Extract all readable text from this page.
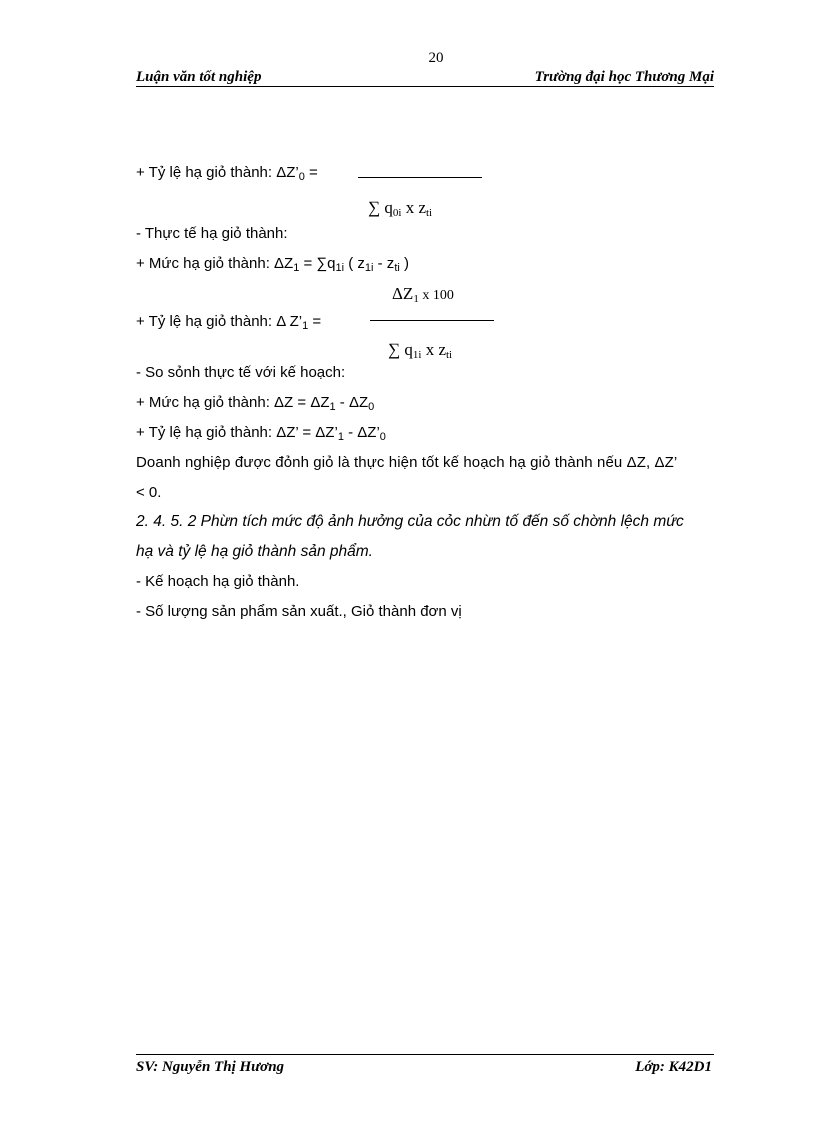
20
Luận văn tốt nghiệp	Trường đại học Thương Mại
+ Tỷ lệ hạ giỏ thành: $\Delta Z’_0$ =
∑ $q_{0i}$ x $z_{ti}$
- Thực tế hạ giỏ thành:
+ Mức hạ giỏ thành: $\Delta Z_1 = \sum q_{1i}$ ( $z_{1i} - z_{ti}$ )
$\Delta Z_1$ x 100
+ Tỷ lệ hạ giỏ thành: Δ $Z’_1$ =
∑ $q_{1i}$ x $z_{ti}$
- So sỏnh thực tế với kế hoạch:
+ Mức hạ giỏ thành: $\Delta Z = \Delta Z_1 - \Delta Z_0$
+ Tỷ lệ hạ giỏ thành: ΔZ’ = $\Delta Z’_1$ - $\Delta Z’_0$
Doanh nghiệp được đỏnh giỏ là thực hiện tốt kế hoạch hạ giỏ thành nếu ΔZ, ΔZ’
< 0.
2. 4. 5. 2 Phừn tích mức độ ảnh hưởng của cỏc nhừn tố đến số chờnh lệch mức
hạ và tỷ lệ hạ giỏ thành sản phẩm.
- Kế hoạch hạ giỏ thành.
- Số lượng sản phẩm sản xuất., Giỏ thành đơn vị
SV: Nguyễn Thị Hương	Lớp: K42D1
